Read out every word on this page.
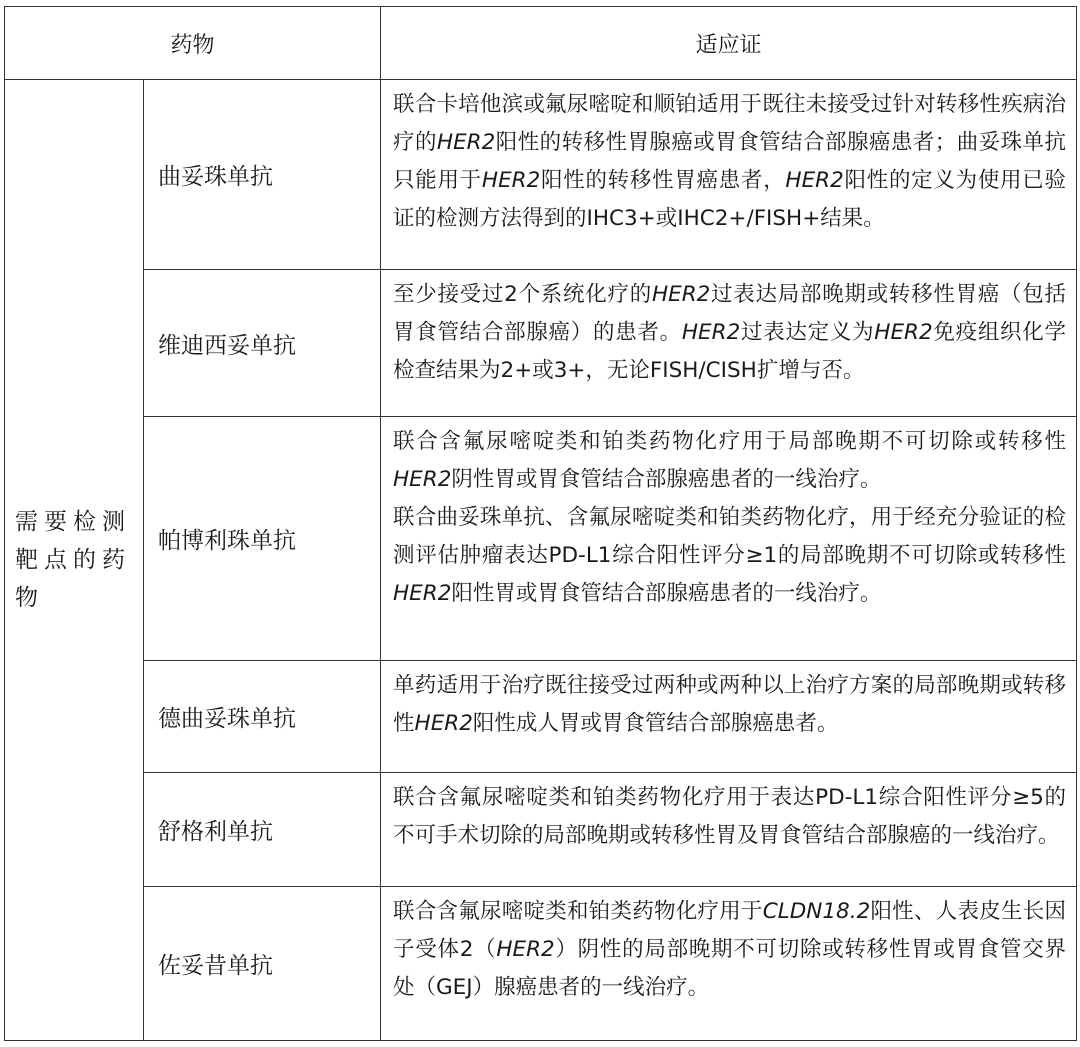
药物		适应证
需要检测靶点的药物	曲妥珠单抗	联合卡培他滨或氟尿嘧啶和顺铂适用于既往未接受过针对转移性疾病治疗的HER2阳性的转移性胃腺癌或胃食管结合部腺癌患者；曲妥珠单抗只能用于HER2阳性的转移性胃癌患者，HER2阳性的定义为使用已验证的检测方法得到的IHC3+或IHC2+/FISH+结果。
	维迪西妥单抗	至少接受过2个系统化疗的HER2过表达局部晚期或转移性胃癌（包括胃食管结合部腺癌）的患者。HER2过表达定义为HER2免疫组织化学检查结果为2+或3+，无论FISH/CISH扩增与否。
	帕博利珠单抗	联合含氟尿嘧啶类和铂类药物化疗用于局部晚期不可切除或转移性HER2阴性胃或胃食管结合部腺癌患者的一线治疗。
联合曲妥珠单抗、含氟尿嘧啶类和铂类药物化疗，用于经充分验证的检测评估肿瘤表达PD-L1综合阳性评分≥1的局部晚期不可切除或转移性HER2阳性胃或胃食管结合部腺癌患者的一线治疗。

	德曲妥珠单抗	单药适用于治疗既往接受过两种或两种以上治疗方案的局部晚期或转移性HER2阳性成人胃或胃食管结合部腺癌患者。
	舒格利单抗	联合含氟尿嘧啶类和铂类药物化疗用于表达PD-L1综合阳性评分≥5的不可手术切除的局部晚期或转移性胃及胃食管结合部腺癌的一线治疗。
	佐妥昔单抗	联合含氟尿嘧啶类和铂类药物化疗用于CLDN18.2阳性、人表皮生长因子受体2（HER2）阴性的局部晚期不可切除或转移性胃或胃食管交界处（GEJ）腺癌患者的一线治疗。
